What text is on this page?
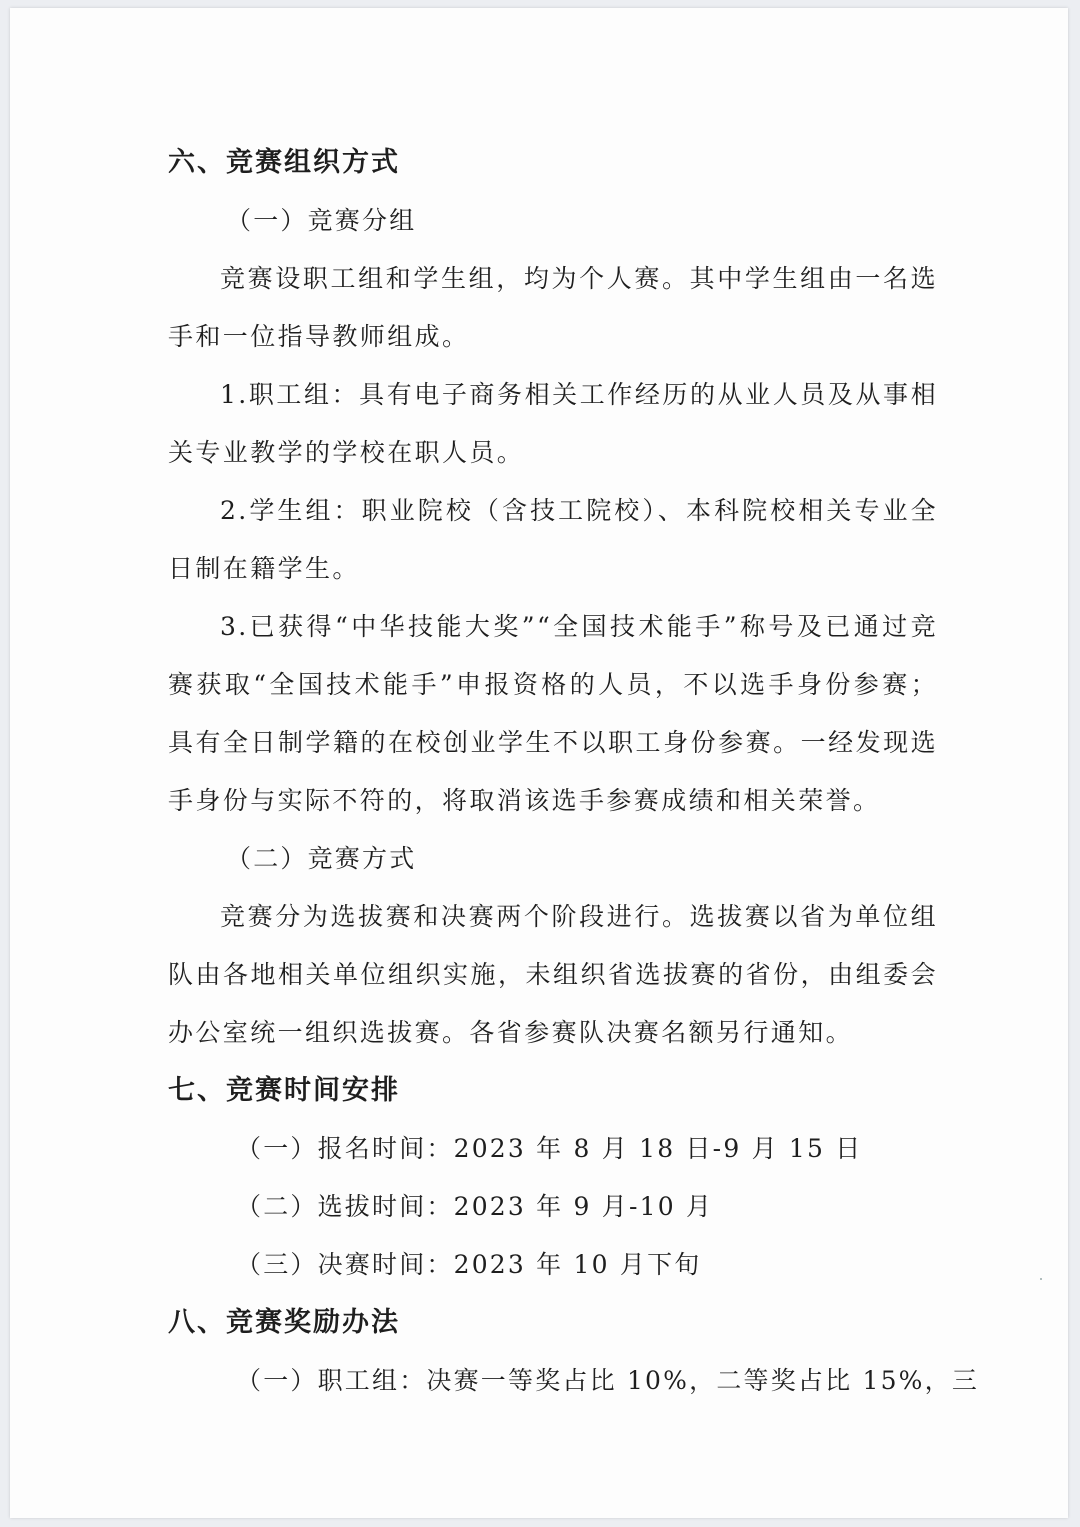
六、竞赛组织方式
（一）竞赛分组

竞赛设职工组和学生组，均为个人赛。其中学生组由一名选手和一位指导教师组成。

1.职工组：具有电子商务相关工作经历的从业人员及从事相关专业教学的学校在职人员。

2.学生组：职业院校（含技工院校）、本科院校相关专业全日制在籍学生。

3.已获得“中华技能大奖”“全国技术能手”称号及已通过竞赛获取“全国技术能手”申报资格的人员，不以选手身份参赛；具有全日制学籍的在校创业学生不以职工身份参赛。一经发现选手身份与实际不符的，将取消该选手参赛成绩和相关荣誉。

（二）竞赛方式

竞赛分为选拔赛和决赛两个阶段进行。选拔赛以省为单位组队由各地相关单位组织实施，未组织省选拔赛的省份，由组委会办公室统一组织选拔赛。各省参赛队决赛名额另行通知。

七、竞赛时间安排
（一）报名时间：2023 年 8 月 18 日-9 月 15 日
（二）选拔时间：2023 年 9 月-10 月
（三）决赛时间：2023 年 10 月下旬
八、竞赛奖励办法
（一）职工组：决赛一等奖占比 10%，二等奖占比 15%，三
